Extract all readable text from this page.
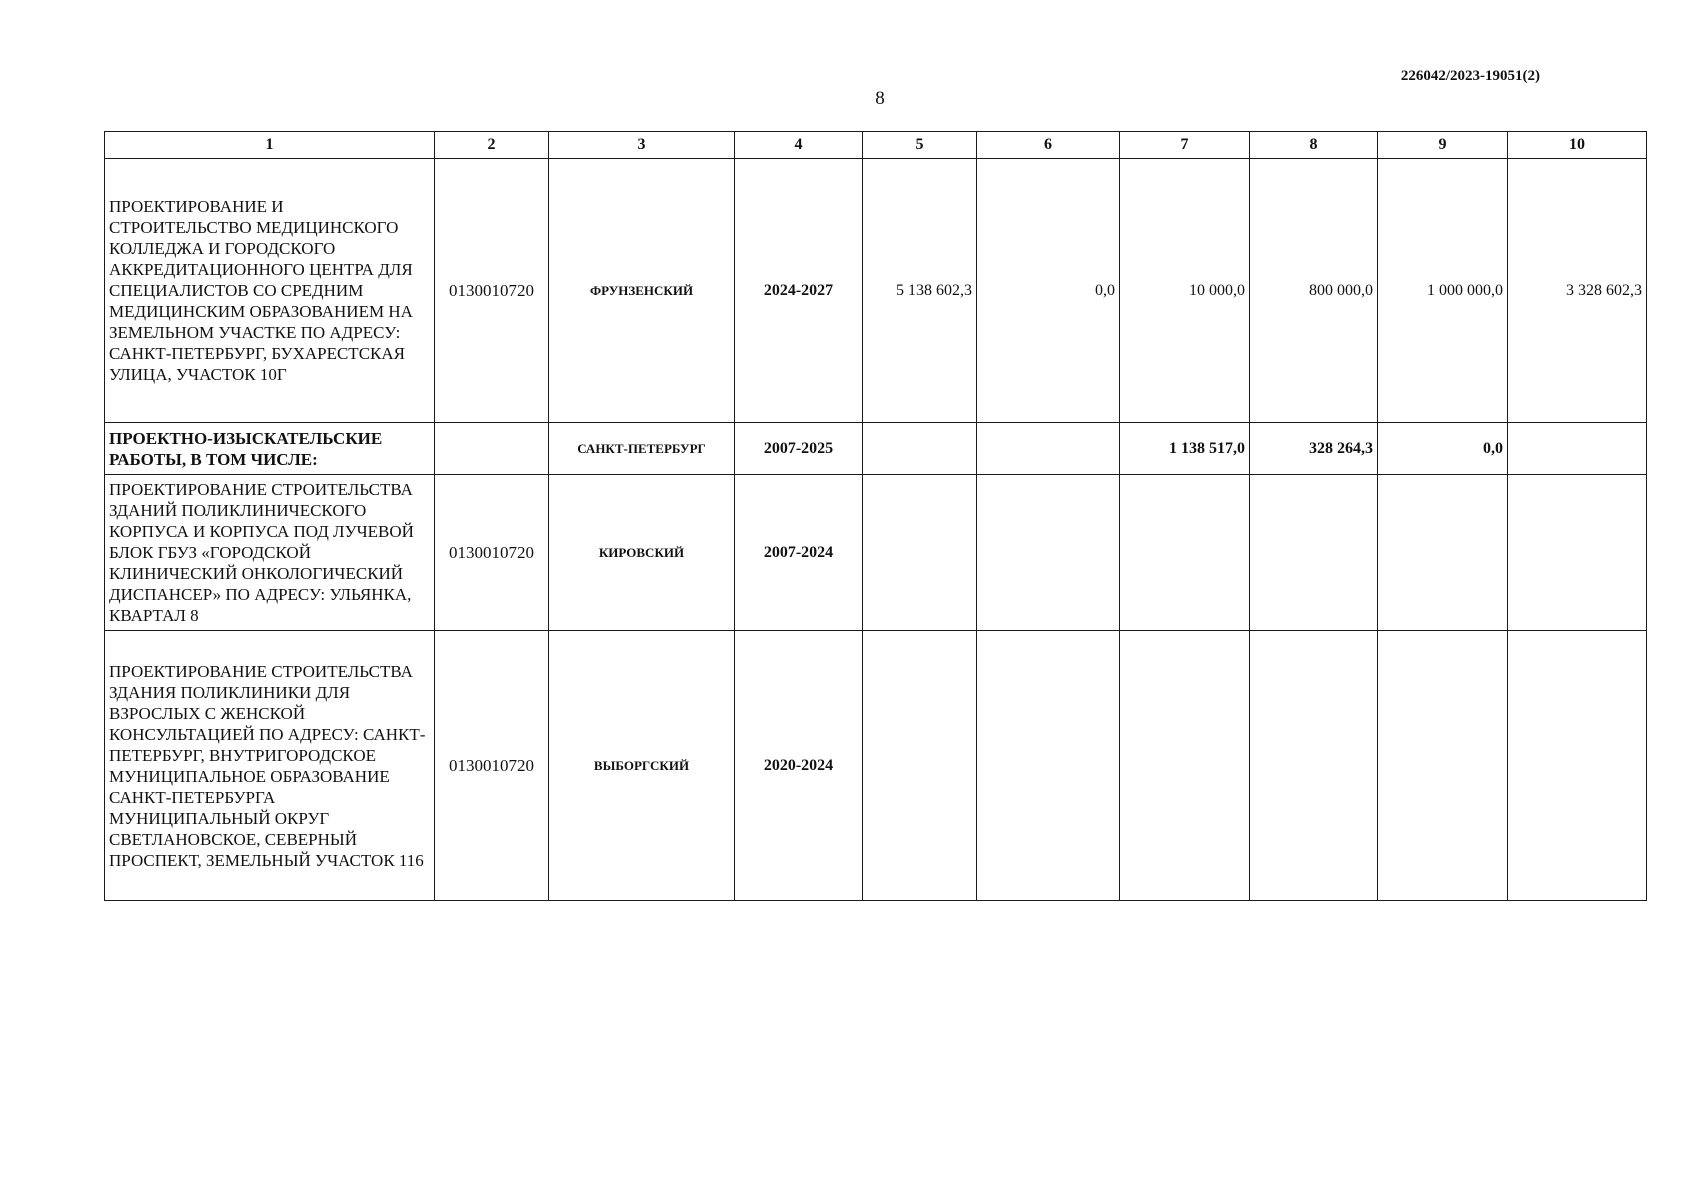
226042/2023-19051(2)
8
1	2	3	4	5	6	7	8	9	10
ПРОЕКТИРОВАНИЕ И СТРОИТЕЛЬСТВО МЕДИЦИНСКОГО КОЛЛЕДЖА И ГОРОДСКОГО АККРЕДИТАЦИОННОГО ЦЕНТРА ДЛЯ СПЕЦИАЛИСТОВ СО СРЕДНИМ МЕДИЦИНСКИМ ОБРАЗОВАНИЕМ НА ЗЕМЕЛЬНОМ УЧАСТКЕ ПО АДРЕСУ: САНКТ-ПЕТЕРБУРГ, БУХАРЕСТСКАЯ УЛИЦА, УЧАСТОК 10Г	0130010720	ФРУНЗЕНСКИЙ	2024-2027	5 138 602,3	0,0	10 000,0	800 000,0	1 000 000,0	3 328 602,3
ПРОЕКТНО-ИЗЫСКАТЕЛЬСКИЕ РАБОТЫ, В ТОМ ЧИСЛЕ:		САНКТ-ПЕТЕРБУРГ	2007-2025			1 138 517,0	328 264,3	0,0	
ПРОЕКТИРОВАНИЕ СТРОИТЕЛЬСТВА ЗДАНИЙ ПОЛИКЛИНИЧЕСКОГО КОРПУСА И КОРПУСА ПОД ЛУЧЕВОЙ БЛОК ГБУЗ «ГОРОДСКОЙ КЛИНИЧЕСКИЙ ОНКОЛОГИЧЕСКИЙ ДИСПАНСЕР» ПО АДРЕСУ: УЛЬЯНКА, КВАРТАЛ 8	0130010720	КИРОВСКИЙ	2007-2024						
ПРОЕКТИРОВАНИЕ СТРОИТЕЛЬСТВА ЗДАНИЯ ПОЛИКЛИНИКИ ДЛЯ ВЗРОСЛЫХ С ЖЕНСКОЙ КОНСУЛЬТАЦИЕЙ ПО АДРЕСУ: САНКТ-ПЕТЕРБУРГ, ВНУТРИГОРОДСКОЕ МУНИЦИПАЛЬНОЕ ОБРАЗОВАНИЕ САНКТ-ПЕТЕРБУРГА МУНИЦИПАЛЬНЫЙ ОКРУГ СВЕТЛАНОВСКОЕ, СЕВЕРНЫЙ ПРОСПЕКТ, ЗЕМЕЛЬНЫЙ УЧАСТОК 116	0130010720	ВЫБОРГСКИЙ	2020-2024						
